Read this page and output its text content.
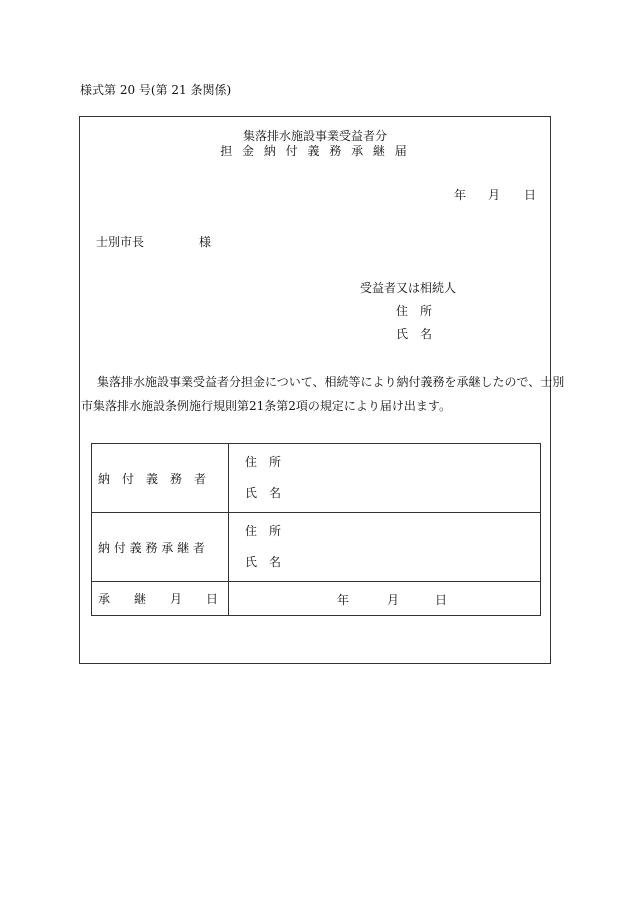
様式第 20 号(第 21 条関係)
集落排水施設事業受益者分
担 金 納 付 義 務 承 継 届
年 月 日
士別市長	様
受益者又は相続人
住　所
氏　名
集落排水施設事業受益者分担金について、相続等により納付義務を承継したので、士別
市集落排水施設条例施行規則第21条第2項の規定により届け出ます。
納　付　義　務　者	住　所
氏　名

納 付 義 務 承 継 者	住　所
氏　名

承　　継　　月　　日	年 月 日
